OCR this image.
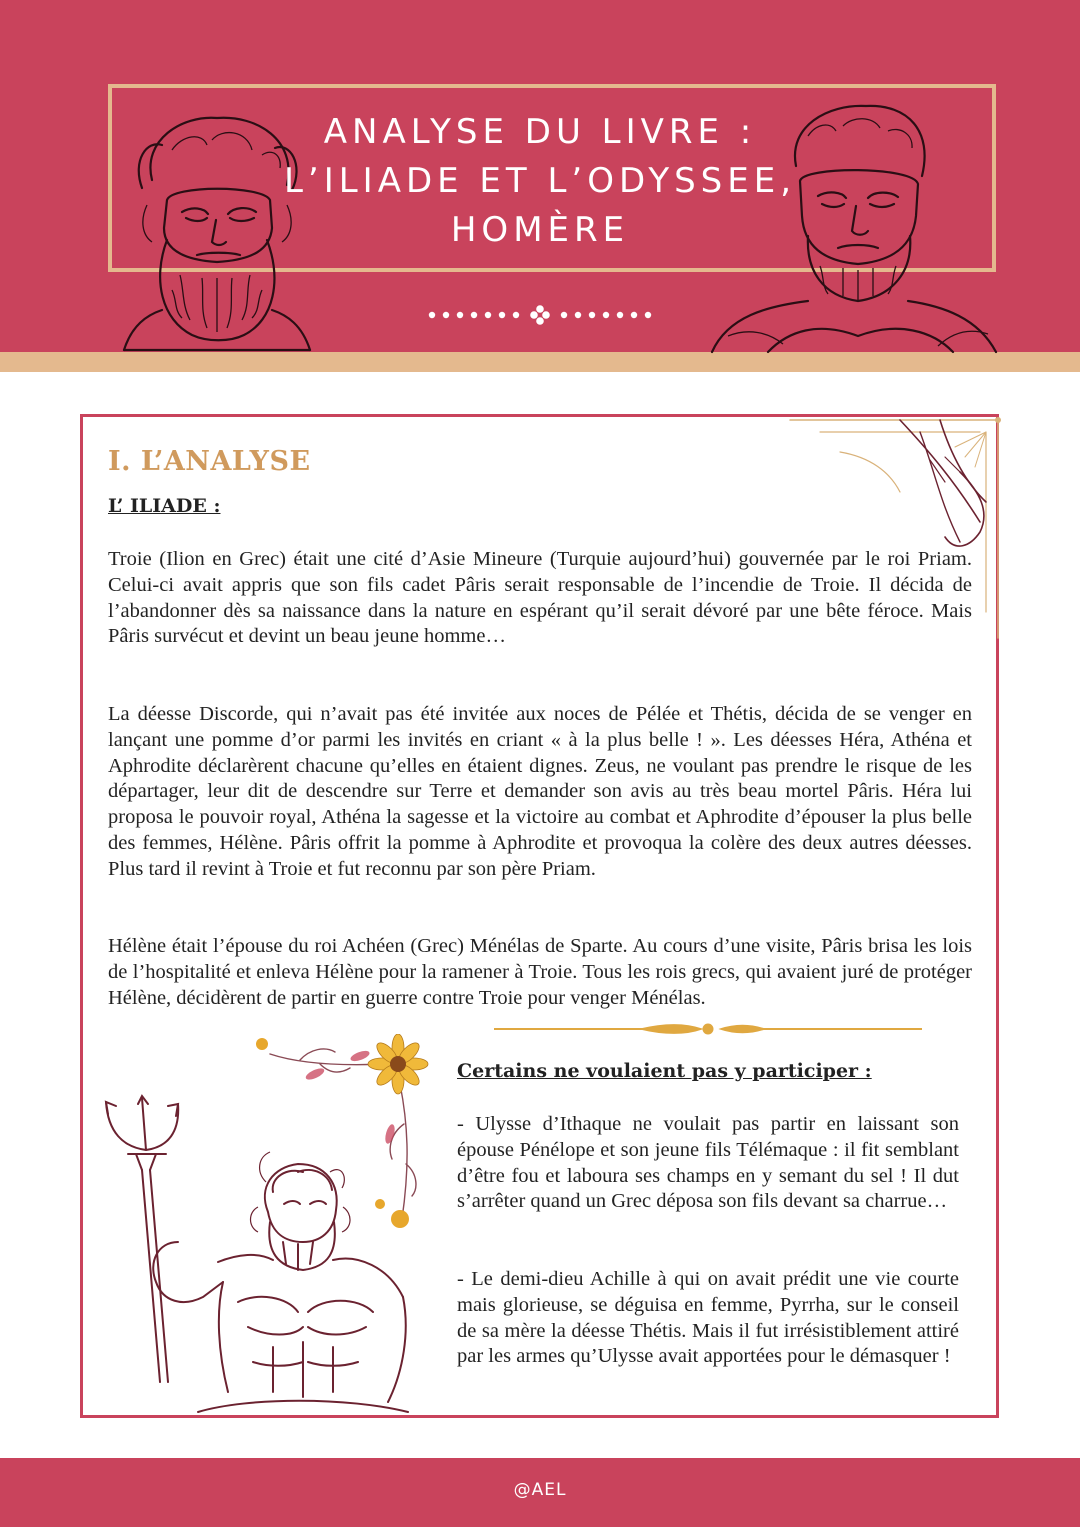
ANALYSE DU LIVRE :
L’ILIADE ET L’ODYSSEE,
HOMÈRE
I. L’ANALYSE

L’ ILIADE :

Troie (Ilion en Grec) était une cité d’Asie Mineure (Turquie aujourd’hui) gouvernée par le roi Priam. Celui-ci avait appris que son fils cadet Pâris serait responsable de l’incendie de Troie. Il décida de l’abandonner dès sa naissance dans la nature en espérant qu’il serait dévoré par une bête féroce. Mais Pâris survécut et devint un beau jeune homme…

La déesse Discorde, qui n’avait pas été invitée aux noces de Pélée et Thétis, décida de se venger en lançant une pomme d’or parmi les invités en criant « à la plus belle ! ». Les déesses Héra, Athéna et Aphrodite déclarèrent chacune qu’elles en étaient dignes. Zeus, ne voulant pas prendre le risque de les départager, leur dit de descendre sur Terre et demander son avis au très beau mortel Pâris. Héra lui proposa le pouvoir royal, Athéna la sagesse et la victoire au combat et Aphrodite d’épouser la plus belle des femmes, Hélène. Pâris offrit la pomme à Aphrodite et provoqua la colère des deux autres déesses. Plus tard il revint à Troie et fut reconnu par son père Priam.

Hélène était l’épouse du roi Achéen (Grec) Ménélas de Sparte. Au cours d’une visite, Pâris brisa les lois de l’hospitalité et enleva Hélène pour la ramener à Troie. Tous les rois grecs, qui avaient juré de protéger Hélène, décidèrent de partir en guerre contre Troie pour venger Ménélas.

Certains ne voulaient pas y participer :

- Ulysse d’Ithaque ne voulait pas partir en laissant son épouse Pénélope et son jeune fils Télémaque : il fit semblant d’être fou et laboura ses champs en y semant du sel ! Il dut s’arrêter quand un Grec déposa son fils devant sa charrue…

- Le demi-dieu Achille à qui on avait prédit une vie courte mais glorieuse, se déguisa en femme, Pyrrha, sur le conseil de sa mère la déesse Thétis. Mais il fut irrésistiblement attiré par les armes qu’Ulysse avait apportées pour le démasquer !

@AEL
